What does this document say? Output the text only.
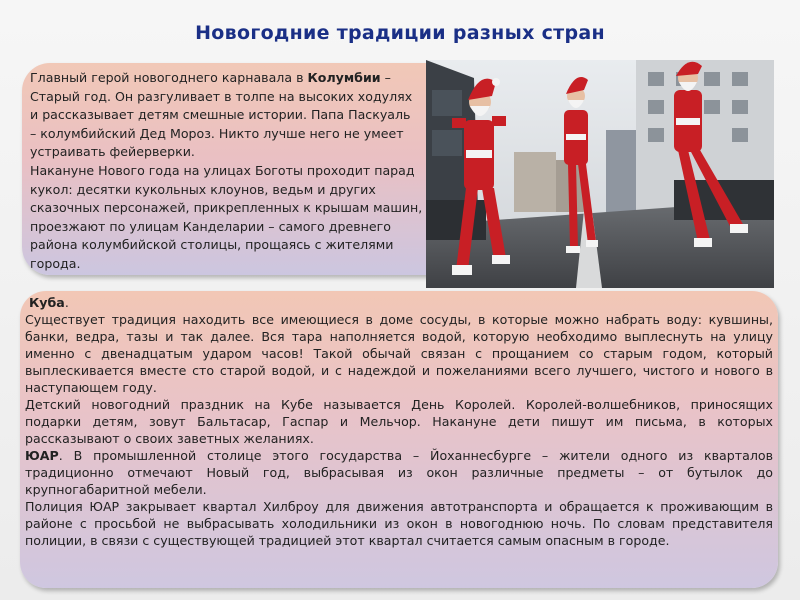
Новогодние традиции разных стран

Главный герой новогоднего карнавала в Колумбии –

Старый год. Он разгуливает в толпе на высоких ходулях

и рассказывает детям смешные истории. Папа Паскуаль

– колумбийский Дед Мороз. Никто лучше него не умеет

устраивать фейерверки.

Накануне Нового года на улицах Боготы проходит парад

кукол: десятки кукольных клоунов, ведьм и других

сказочных персонажей, прикрепленных к крышам машин,

проезжают по улицам Канделарии – самого древнего

района колумбийской столицы, прощаясь с жителями

города.

Куба.

Существует традиция находить все имеющиеся в доме сосуды, в которые можно набрать воду: кувшины, банки, ведра, тазы и так далее. Вся тара наполняется водой, которую необходимо выплеснуть на улицу именно с двенадцатым ударом часов! Такой обычай связан с прощанием со старым годом, который выплескивается вместе сто старой водой, и с надеждой и пожеланиями всего лучшего, чистого и нового в наступающем году.

Детский новогодний праздник на Кубе называется День Королей. Королей-волшебников, приносящих подарки детям, зовут Бальтасар, Гаспар и Мельчор. Накануне дети пишут им письма, в которых рассказывают о своих заветных желаниях.

ЮАР. В промышленной столице этого государства – Йоханнесбурге – жители одного из кварталов традиционно отмечают Новый год, выбрасывая из окон различные предметы – от бутылок до крупногабаритной мебели.

Полиция ЮАР закрывает квартал Хилброу для движения автотранспорта и обращается к проживающим в районе с просьбой не выбрасывать холодильники из окон в новогоднюю ночь. По словам представителя полиции, в связи с существующей традицией этот квартал считается самым опасным в городе.
